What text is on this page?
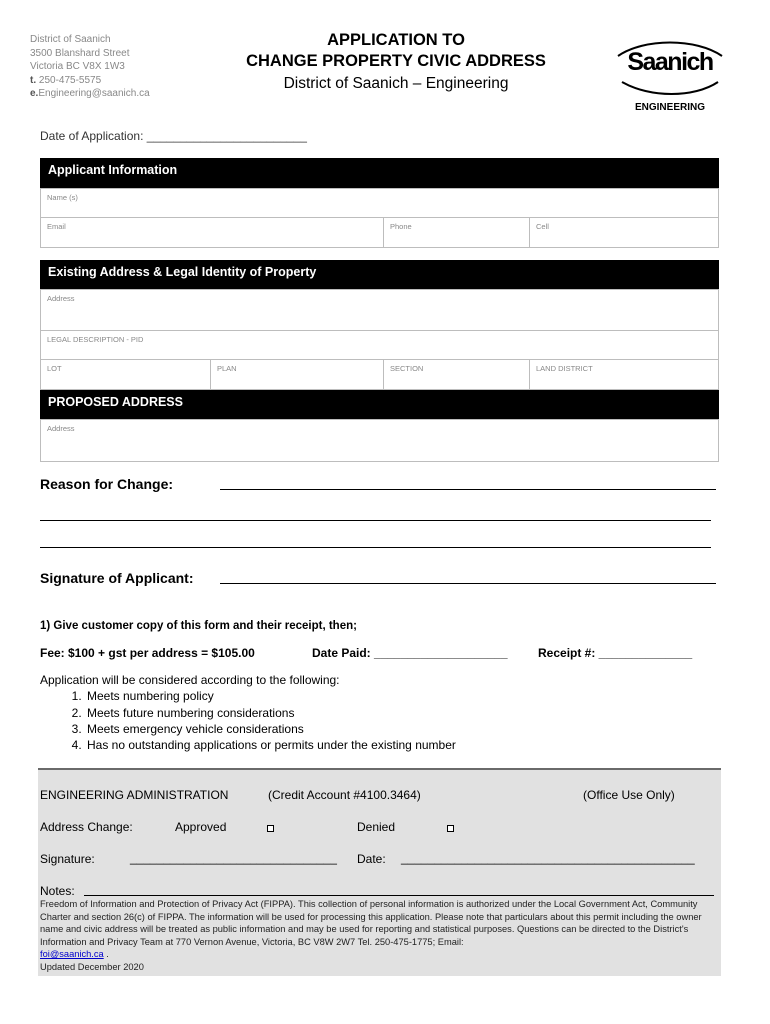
District of Saanich
3500 Blanshard Street
Victoria BC V8X 1W3
t. 250-475-5575
e.Engineering@saanich.ca
APPLICATION TO
CHANGE PROPERTY CIVIC ADDRESS
District of Saanich – Engineering
Saanich
ENGINEERING
Date of Application: ________________________
Applicant Information
Name (s)
Email	Phone	Cell
Existing Address & Legal Identity of Property
Address
LEGAL DESCRIPTION - PID
LOT	PLAN	SECTION	LAND DISTRICT
PROPOSED ADDRESS
Address
Reason for Change:
Signature of Applicant:
1) Give customer copy of this form and their receipt, then;
Fee: $100 + gst per address = $105.00	Date Paid: ____________________	Receipt #: ______________
Application will be considered according to the following:
1. Meets numbering policy
2. Meets future numbering considerations
3. Meets emergency vehicle considerations
4. Has no outstanding applications or permits under the existing number
ENGINEERING ADMINISTRATION	(Credit Account #4100.3464)	(Office Use Only)
Address Change:	Approved	Denied
Signature:	_______________________________ Date: ____________________________________________
Notes:
Freedom of Information and Protection of Privacy Act (FIPPA). This collection of personal information is authorized under the Local Government Act, Community Charter and section 26(c) of FIPPA. The information will be used for processing this application. Please note that particulars about this permit including the owner name and civic address will be treated as public information and may be used for reporting and statistical purposes. Questions can be directed to the District's Information and Privacy Team at 770 Vernon Avenue, Victoria, BC V8W 2W7 Tel. 250-475-1775; Email:
foi@saanich.ca .
Updated December 2020
